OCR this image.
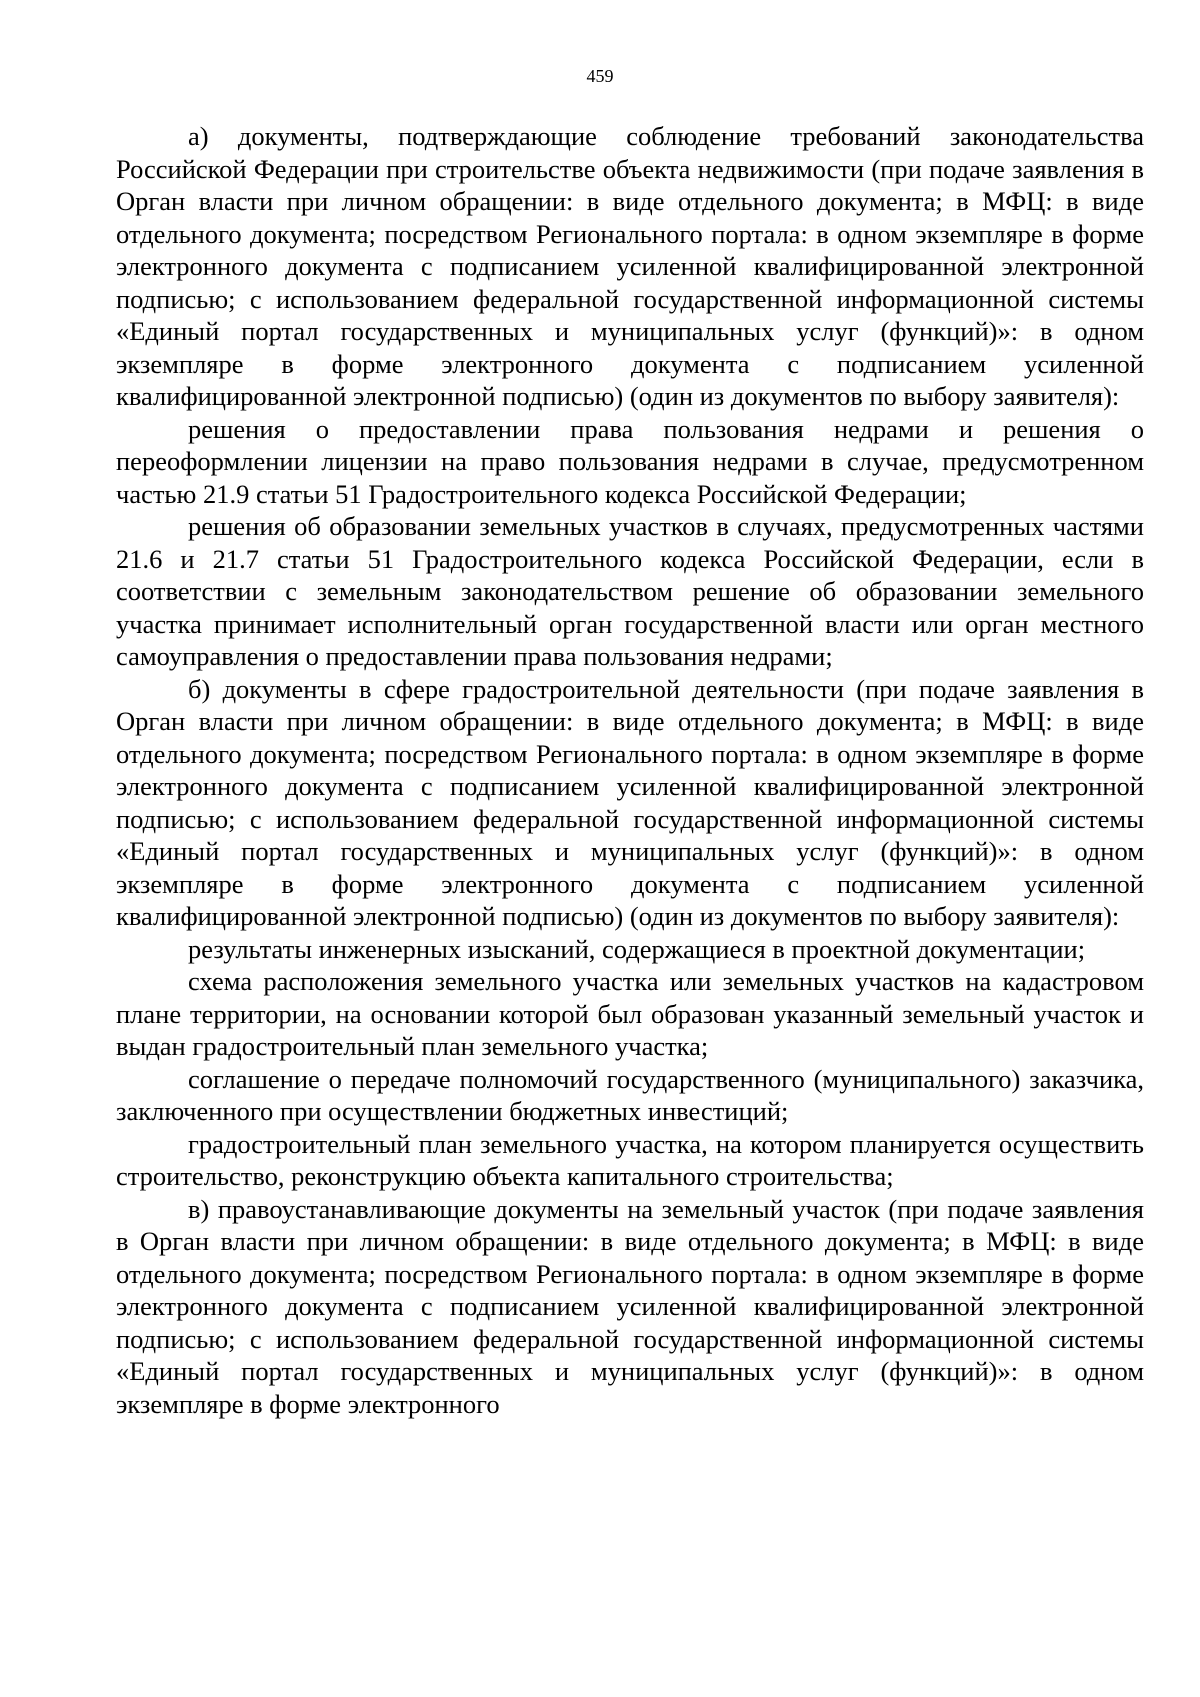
459

а) документы, подтверждающие соблюдение требований законодательства Российской Федерации при строительстве объекта недвижимости (при подаче заявления в Орган власти при личном обращении: в виде отдельного документа; в МФЦ: в виде отдельного документа; посредством Регионального портала: в одном экземпляре в форме электронного документа с подписанием усиленной квалифицированной электронной подписью; с использованием федеральной государственной информационной системы «Единый портал государственных и муниципальных услуг (функций)»: в одном экземпляре в форме электронного документа с подписанием усиленной квалифицированной электронной подписью) (один из документов по выбору заявителя):

решения о предоставлении права пользования недрами и решения о переоформлении лицензии на право пользования недрами в случае, предусмотренном частью 21.9 статьи 51 Градостроительного кодекса Российской Федерации;

решения об образовании земельных участков в случаях, предусмотренных частями 21.6 и 21.7 статьи 51 Градостроительного кодекса Российской Федерации, если в соответствии с земельным законодательством решение об образовании земельного участка принимает исполнительный орган государственной власти или орган местного самоуправления о предоставлении права пользования недрами;

б) документы в сфере градостроительной деятельности (при подаче заявления в Орган власти при личном обращении: в виде отдельного документа; в МФЦ: в виде отдельного документа; посредством Регионального портала: в одном экземпляре в форме электронного документа с подписанием усиленной квалифицированной электронной подписью; с использованием федеральной государственной информационной системы «Единый портал государственных и муниципальных услуг (функций)»: в одном экземпляре в форме электронного документа с подписанием усиленной квалифицированной электронной подписью) (один из документов по выбору заявителя):

результаты инженерных изысканий, содержащиеся в проектной документации;

схема расположения земельного участка или земельных участков на кадастровом плане территории, на основании которой был образован указанный земельный участок и выдан градостроительный план земельного участка;

соглашение о передаче полномочий государственного (муниципального) заказчика, заключенного при осуществлении бюджетных инвестиций;

градостроительный план земельного участка, на котором планируется осуществить строительство, реконструкцию объекта капитального строительства;

в) правоустанавливающие документы на земельный участок (при подаче заявления в Орган власти при личном обращении: в виде отдельного документа; в МФЦ: в виде отдельного документа; посредством Регионального портала: в одном экземпляре в форме электронного документа с подписанием усиленной квалифицированной электронной подписью; с использованием федеральной государственной информационной системы «Единый портал государственных и муниципальных услуг (функций)»: в одном экземпляре в форме электронного
